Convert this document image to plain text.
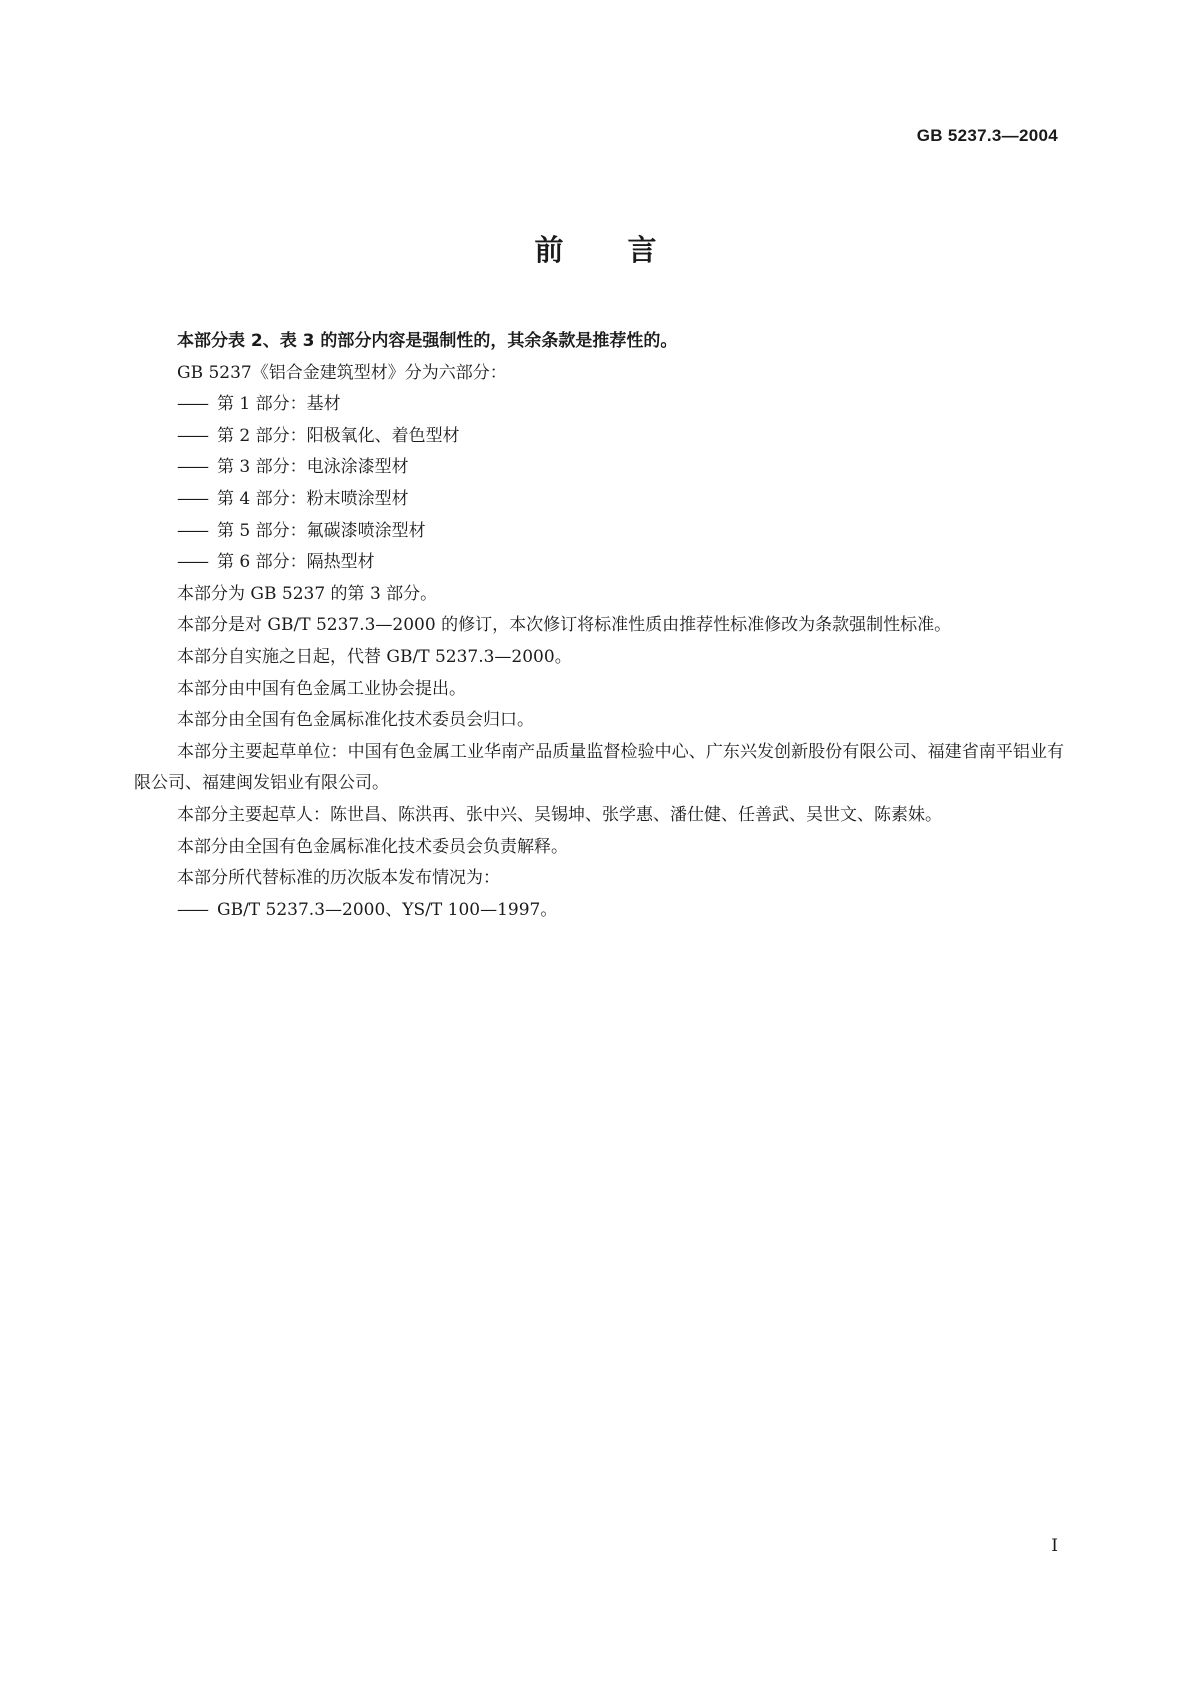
GB 5237.3—2004
前言

本部分表 2、表 3 的部分内容是强制性的，其余条款是推荐性的。

GB 5237《铝合金建筑型材》分为六部分：

—— 第 1 部分：基材

—— 第 2 部分：阳极氧化、着色型材

—— 第 3 部分：电泳涂漆型材

—— 第 4 部分：粉末喷涂型材

—— 第 5 部分：氟碳漆喷涂型材

—— 第 6 部分：隔热型材

本部分为 GB 5237 的第 3 部分。

本部分是对 GB/T 5237.3—2000 的修订，本次修订将标准性质由推荐性标准修改为条款强制性标准。

本部分自实施之日起，代替 GB/T 5237.3—2000。

本部分由中国有色金属工业协会提出。

本部分由全国有色金属标准化技术委员会归口。

本部分主要起草单位：中国有色金属工业华南产品质量监督检验中心、广东兴发创新股份有限公司、福建省南平铝业有限公司、福建闽发铝业有限公司。

本部分主要起草人：陈世昌、陈洪再、张中兴、吴锡坤、张学惠、潘仕健、任善武、吴世文、陈素妹。

本部分由全国有色金属标准化技术委员会负责解释。

本部分所代替标准的历次版本发布情况为：

—— GB/T 5237.3—2000、YS/T 100—1997。

I
